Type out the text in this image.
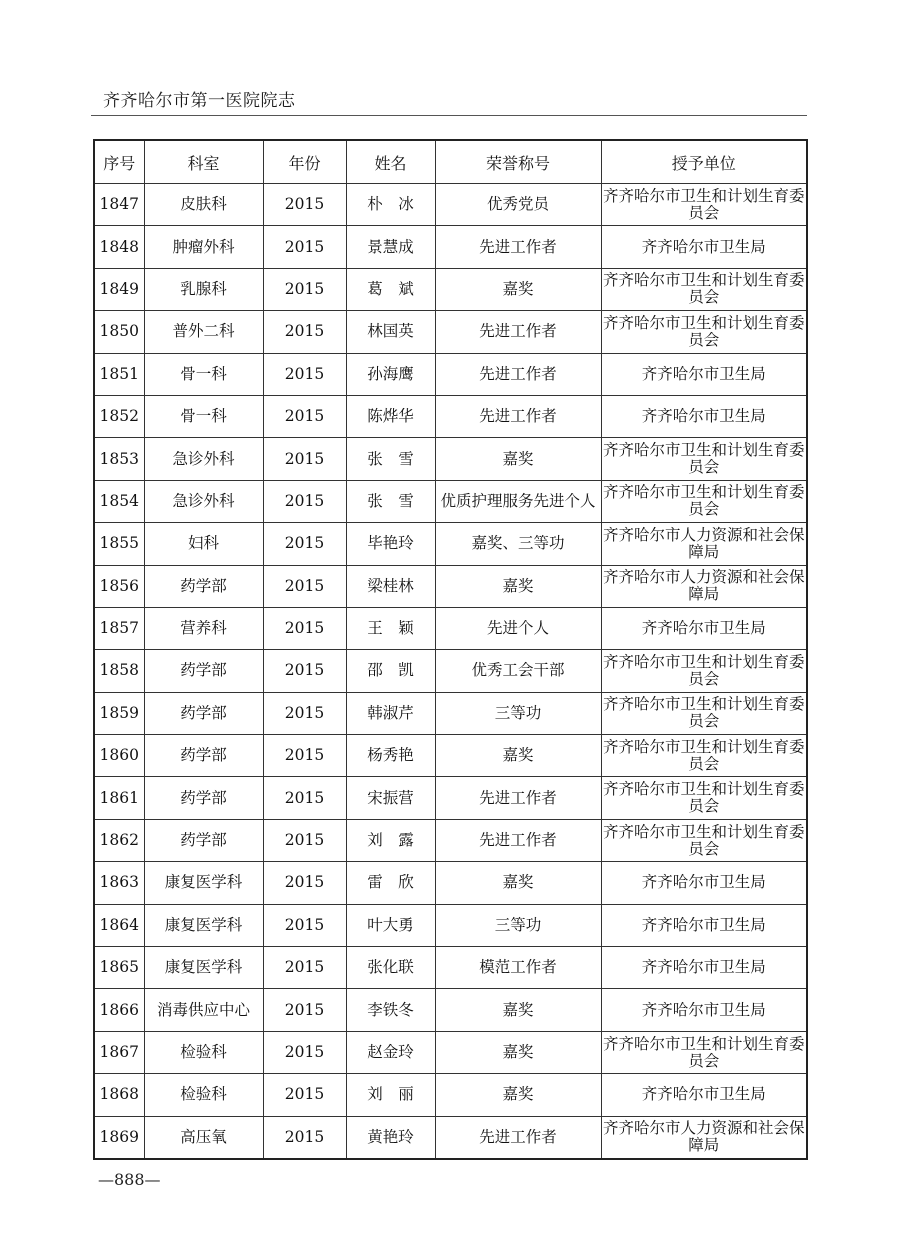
齐齐哈尔市第一医院院志
序号	科室	年份	姓名	荣誉称号	授予单位
1847	皮肤科	2015	朴　冰	优秀党员	齐齐哈尔市卫生和计划生育委员会
1848	肿瘤外科	2015	景慧成	先进工作者	齐齐哈尔市卫生局
1849	乳腺科	2015	葛　斌	嘉奖	齐齐哈尔市卫生和计划生育委员会
1850	普外二科	2015	林国英	先进工作者	齐齐哈尔市卫生和计划生育委员会
1851	骨一科	2015	孙海鹰	先进工作者	齐齐哈尔市卫生局
1852	骨一科	2015	陈烨华	先进工作者	齐齐哈尔市卫生局
1853	急诊外科	2015	张　雪	嘉奖	齐齐哈尔市卫生和计划生育委员会
1854	急诊外科	2015	张　雪	优质护理服务先进个人	齐齐哈尔市卫生和计划生育委员会
1855	妇科	2015	毕艳玲	嘉奖、三等功	齐齐哈尔市人力资源和社会保障局
1856	药学部	2015	梁桂林	嘉奖	齐齐哈尔市人力资源和社会保障局
1857	营养科	2015	王　颖	先进个人	齐齐哈尔市卫生局
1858	药学部	2015	邵　凯	优秀工会干部	齐齐哈尔市卫生和计划生育委员会
1859	药学部	2015	韩淑芹	三等功	齐齐哈尔市卫生和计划生育委员会
1860	药学部	2015	杨秀艳	嘉奖	齐齐哈尔市卫生和计划生育委员会
1861	药学部	2015	宋振营	先进工作者	齐齐哈尔市卫生和计划生育委员会
1862	药学部	2015	刘　露	先进工作者	齐齐哈尔市卫生和计划生育委员会
1863	康复医学科	2015	雷　欣	嘉奖	齐齐哈尔市卫生局
1864	康复医学科	2015	叶大勇	三等功	齐齐哈尔市卫生局
1865	康复医学科	2015	张化联	模范工作者	齐齐哈尔市卫生局
1866	消毒供应中心	2015	李铁冬	嘉奖	齐齐哈尔市卫生局
1867	检验科	2015	赵金玲	嘉奖	齐齐哈尔市卫生和计划生育委员会
1868	检验科	2015	刘　丽	嘉奖	齐齐哈尔市卫生局
1869	高压氧	2015	黄艳玲	先进工作者	齐齐哈尔市人力资源和社会保障局
—888—
